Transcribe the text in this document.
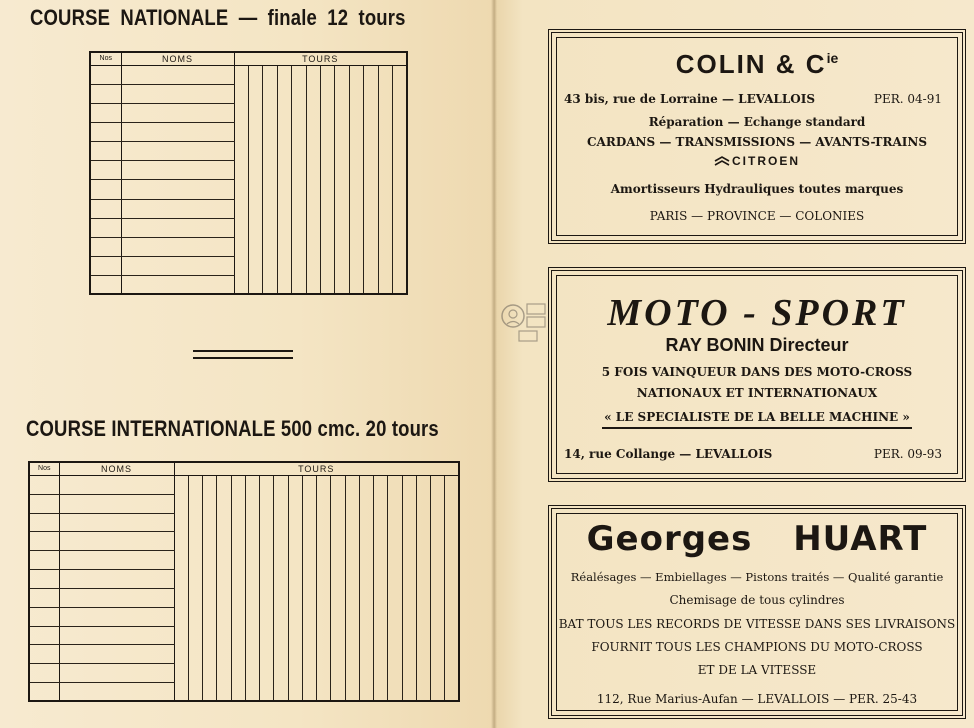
COURSE NATIONALE — finale 12 tours
Nos	NOMS	TOURS											

COURSE INTERNATIONALE 500 cmc. 20 tours
Nos	NOMS	TOURS																			

COLIN & $C^{ie}$
43 bis, rue de Lorraine — LEVALLOIS	PER. 04-91
Réparation — Echange standard
CARDANS — TRANSMISSIONS — AVANTS-TRAINS
CITROEN
Amortisseurs Hydrauliques toutes marques
PARIS — PROVINCE — COLONIES
MOTO - SPORT
RAY BONIN Directeur
5 FOIS VAINQUEUR DANS DES MOTO-CROSS
NATIONAUX ET INTERNATIONAUX
« LE SPECIALISTE DE LA BELLE MACHINE »
14, rue Collange — LEVALLOIS	PER. 09-93
Georges HUART
Réalésages — Embiellages — Pistons traités — Qualité garantie
Chemisage de tous cylindres
BAT TOUS LES RECORDS DE VITESSE DANS SES LIVRAISONS
FOURNIT TOUS LES CHAMPIONS DU MOTO-CROSS
ET DE LA VITESSE
112, Rue Marius-Aufan — LEVALLOIS — PER. 25-43
